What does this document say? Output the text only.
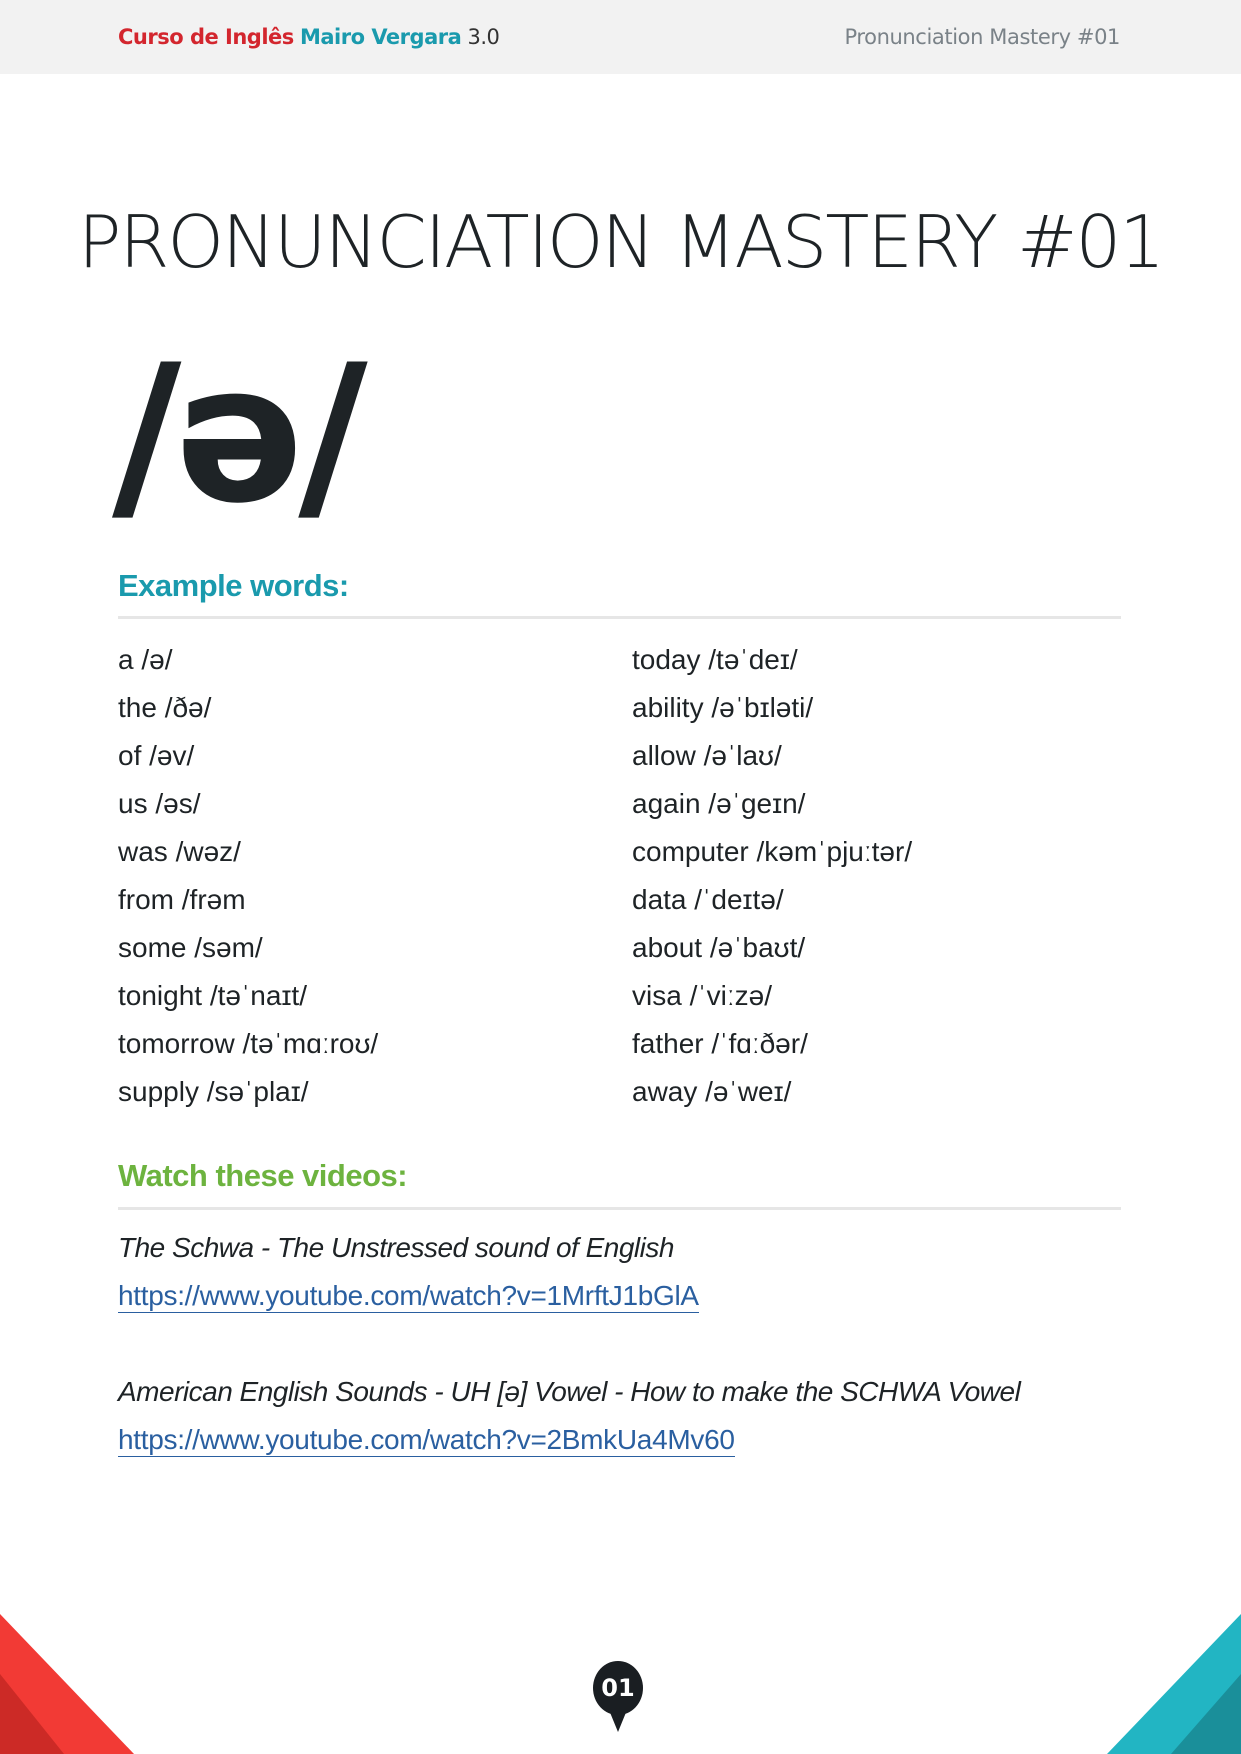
Curso de Inglês Mairo Vergara 3.0	Pronunciation Mastery #01
PRONUNCIATION MASTERY #01
/ə/
Example words:
a /ə/
the /ðə/
of /əv/
us /əs/
was /wəz/
from /frəm
some /səm/
tonight /təˈnaɪt/
tomorrow /təˈmɑːroʊ/
supply /səˈplaɪ/
today /təˈdeɪ/
ability /əˈbɪləti/
allow /əˈlaʊ/
again /əˈgeɪn/
computer /kəmˈpjuːtər/
data /ˈdeɪtə/
about /əˈbaʊt/
visa /ˈviːzə/
father /ˈfɑːðər/
away /əˈweɪ/
Watch these videos:
The Schwa - The Unstressed sound of English
https://www.youtube.com/watch?v=1MrftJ1bGlA
American English Sounds - UH [ə] Vowel - How to make the SCHWA Vowel
https://www.youtube.com/watch?v=2BmkUa4Mv60
01
